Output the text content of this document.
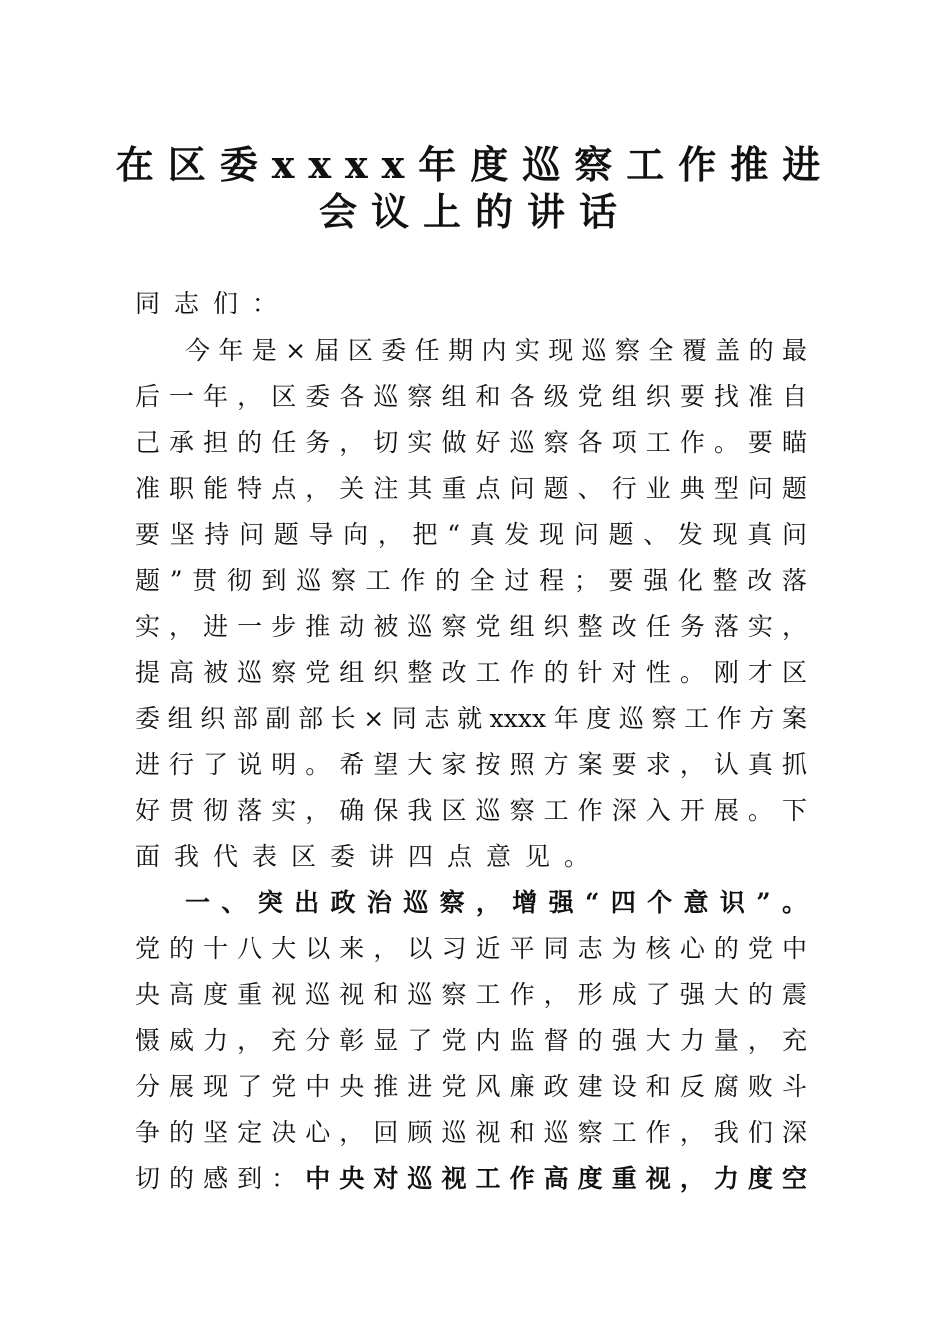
在区委xxxx年度巡察工作推进
会议上的讲话
同志们：
今年是×届区委任期内实现巡察全覆盖的最
后一年，区委各巡察组和各级党组织要找准自
己承担的任务，切实做好巡察各项工作。要瞄
准职能特点，关注其重点问题、行业典型问题
要坚持问题导向，把“真发现问题、发现真问
题”贯彻到巡察工作的全过程；要强化整改落
实，进一步推动被巡察党组织整改任务落实，
提高被巡察党组织整改工作的针对性。刚才区
委组织部副部长×同志就xxxx年度巡察工作方案
进行了说明。希望大家按照方案要求，认真抓
好贯彻落实，确保我区巡察工作深入开展。下
面我代表区委讲四点意见。
一、突出政治巡察，增强“四个意识”。
党的十八大以来，以习近平同志为核心的党中
央高度重视巡视和巡察工作，形成了强大的震
慑威力，充分彰显了党内监督的强大力量，充
分展现了党中央推进党风廉政建设和反腐败斗
争的坚定决心，回顾巡视和巡察工作，我们深
切的感到：中央对巡视工作高度重视，力度空
